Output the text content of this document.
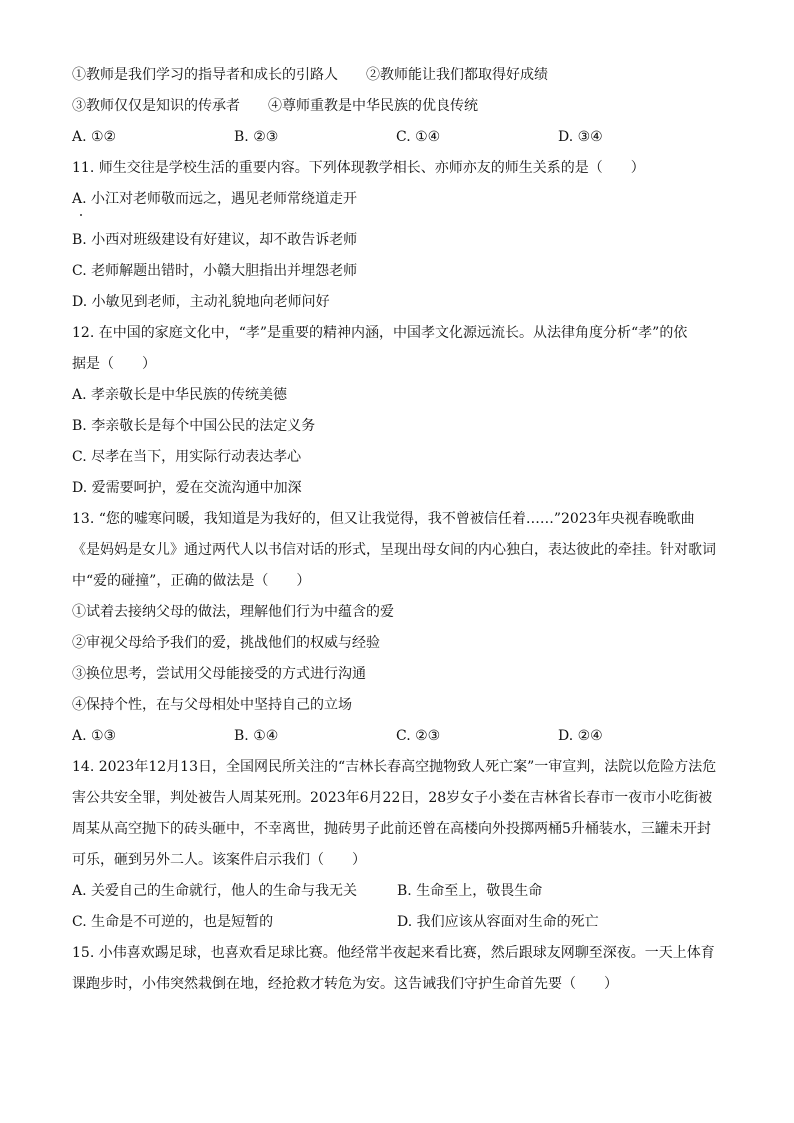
①教师是我们学习的指导者和成长的引路人　　②教师能让我们都取得好成绩
③教师仅仅是知识的传承者　　④尊师重教是中华民族的优良传统
A. ①②	B. ②③	C. ①④	D. ③④
11. 师生交往是学校生活的重要内容。下列体现教学相长、亦师亦友的师生关系的是（　　）
A. 小江对老师敬而远之，遇见老师常绕道走开
B. 小西对班级建设有好建议，却不敢告诉老师
C. 老师解题出错时，小赣大胆指出并埋怨老师
D. 小敏见到老师，主动礼貌地向老师问好
12. 在中国的家庭文化中，“孝”是重要的精神内涵，中国孝文化源远流长。从法律角度分析“孝”的依
据是（　　）
A. 孝亲敬长是中华民族的传统美德
B. 李亲敬长是每个中国公民的法定义务
C. 尽孝在当下，用实际行动表达孝心
D. 爱需要呵护，爱在交流沟通中加深
13. “您的嘘寒问暖，我知道是为我好的，但又让我觉得，我不曾被信任着……”2023年央视春晚歌曲
《是妈妈是女儿》通过两代人以书信对话的形式，呈现出母女间的内心独白，表达彼此的牵挂。针对歌词
中“爱的碰撞”，正确的做法是（　　）
①试着去接纳父母的做法，理解他们行为中蕴含的爱
②审视父母给予我们的爱，挑战他们的权威与经验
③换位思考，尝试用父母能接受的方式进行沟通
④保持个性，在与父母相处中坚持自己的立场
A. ①③	B. ①④	C. ②③	D. ②④
14. 2023年12月13日，全国网民所关注的“吉林长春高空抛物致人死亡案”一审宣判，法院以危险方法危
害公共安全罪，判处被告人周某死刑。2023年6月22日，28岁女子小娄在吉林省长春市一夜市小吃街被
周某从高空抛下的砖头砸中，不幸离世，抛砖男子此前还曾在高楼向外投掷两桶5升桶装水，三罐未开封
可乐，砸到另外二人。该案件启示我们（　　）
A. 关爱自己的生命就行，他人的生命与我无关	B. 生命至上，敬畏生命
C. 生命是不可逆的，也是短暂的	D. 我们应该从容面对生命的死亡
15. 小伟喜欢踢足球，也喜欢看足球比赛。他经常半夜起来看比赛，然后跟球友网聊至深夜。一天上体育
课跑步时，小伟突然栽倒在地，经抢救才转危为安。这告诫我们守护生命首先要（　　）
